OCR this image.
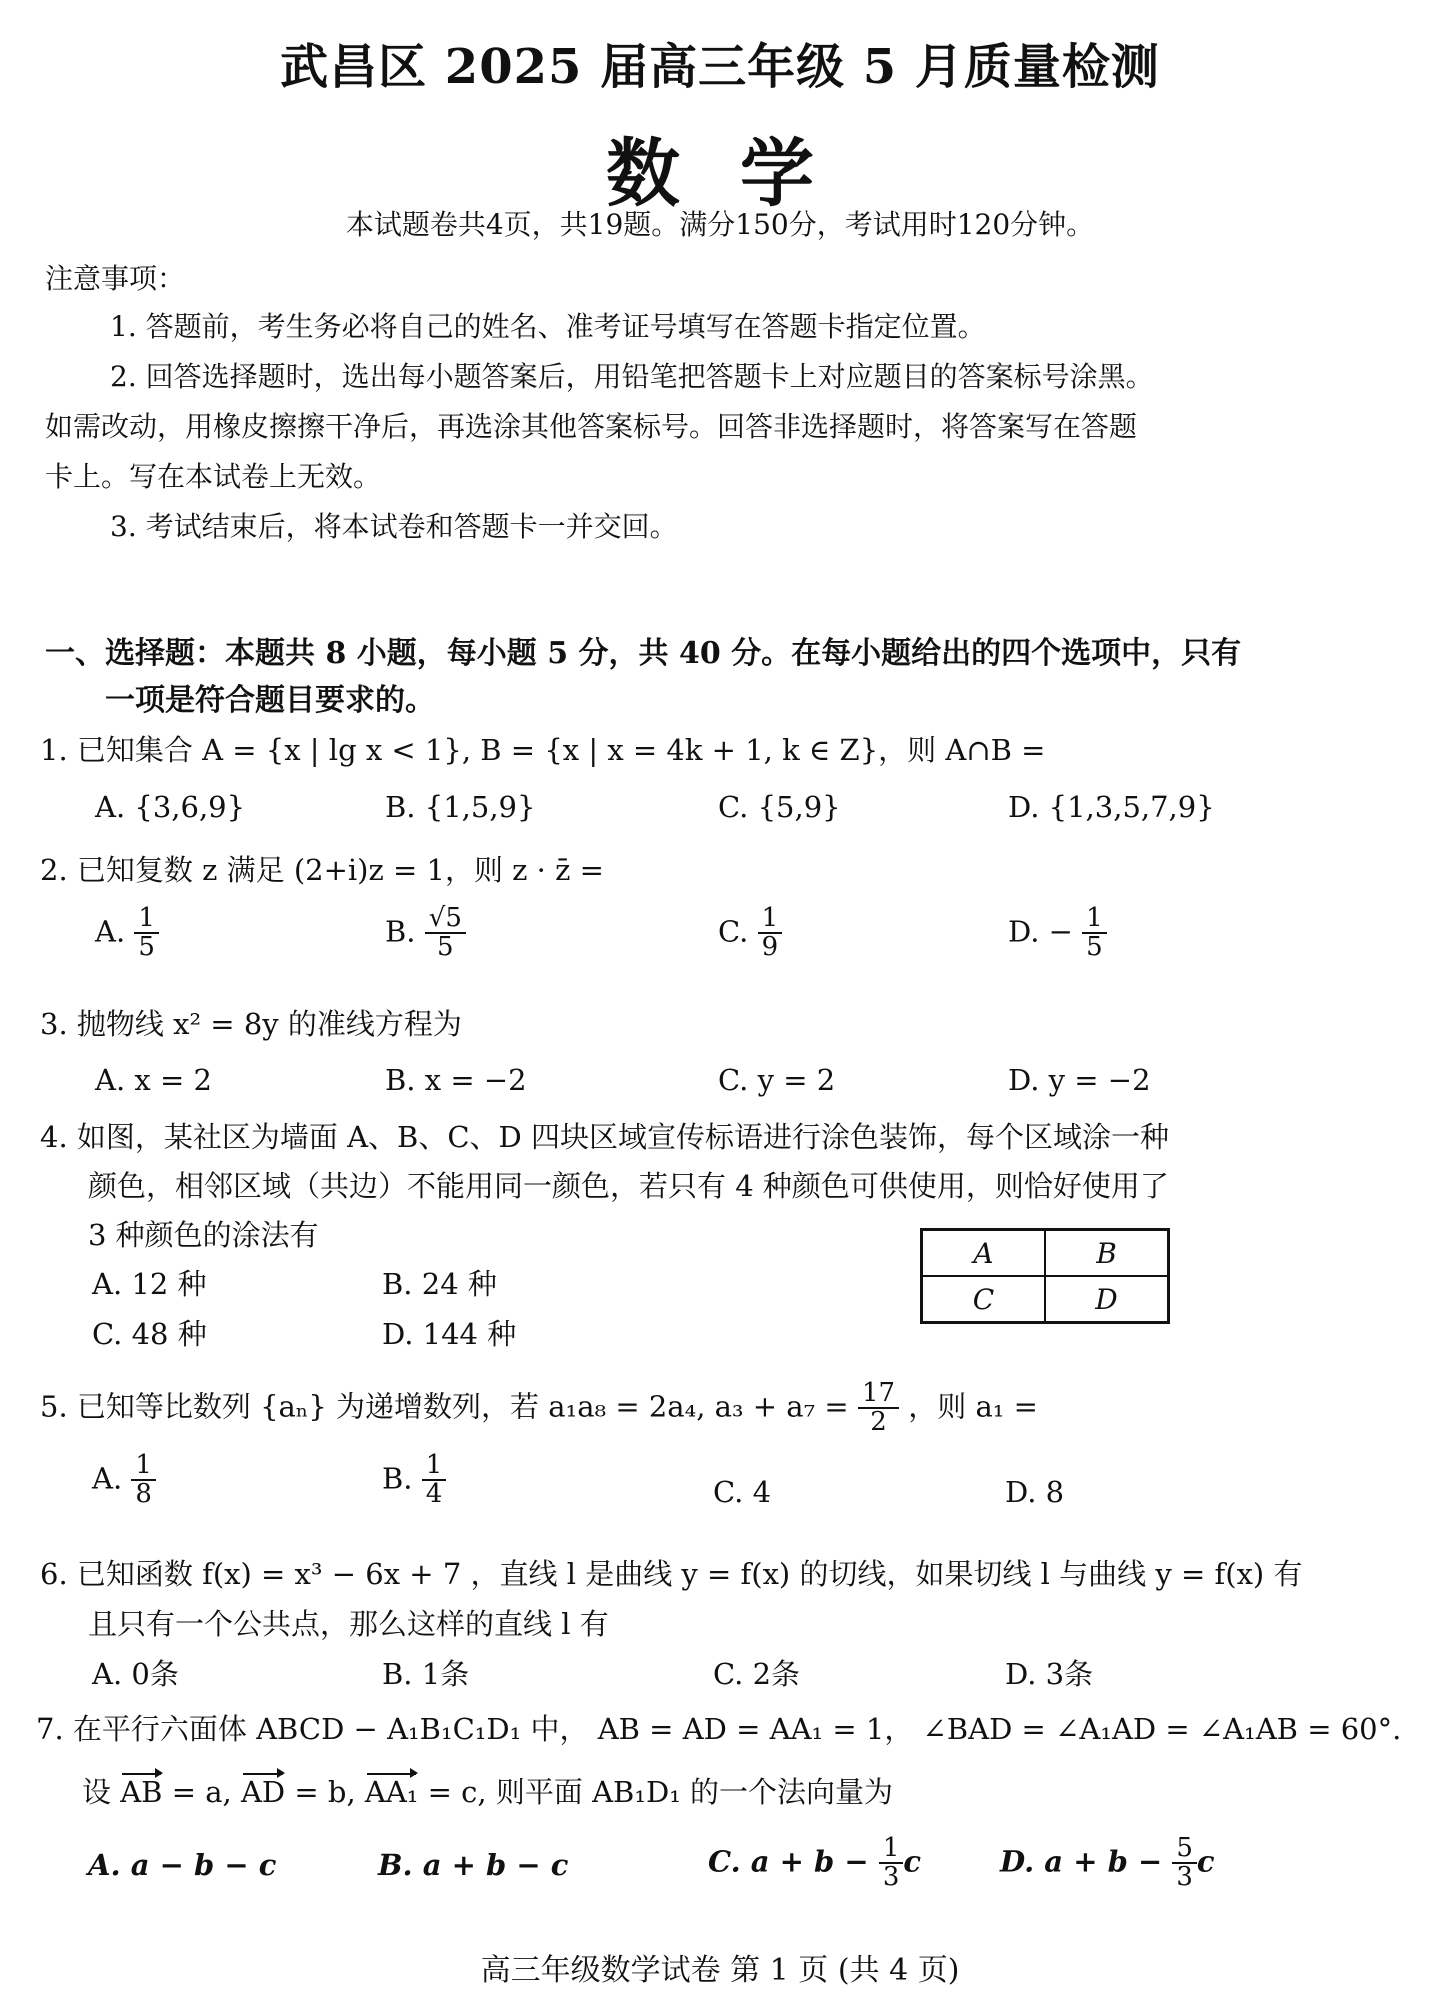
武昌区 2025 届高三年级 5 月质量检测
数学
本试题卷共4页，共19题。满分150分，考试用时120分钟。
注意事项：
1. 答题前，考生务必将自己的姓名、准考证号填写在答题卡指定位置。
2. 回答选择题时，选出每小题答案后，用铅笔把答题卡上对应题目的答案标号涂黑。
如需改动，用橡皮擦擦干净后，再选涂其他答案标号。回答非选择题时，将答案写在答题
卡上。写在本试卷上无效。
3. 考试结束后，将本试卷和答题卡一并交回。
一、选择题：本题共 8 小题，每小题 5 分，共 40 分。在每小题给出的四个选项中，只有
一项是符合题目要求的。
1. 已知集合 A = {x | lg x < 1}, B = {x | x = 4k + 1, k ∈ Z}，则 A∩B =
A. {3,6,9}	B. {1,5,9}	C. {5,9}	D. {1,3,5,7,9}
2. 已知复数 z 满足 (2+i)z = 1，则 z · z̄ =
A. $\frac{1}{5}$	B. $\frac{√5}{5}$	C. $\frac{1}{9}$	D. − $\frac{1}{5}$
3. 抛物线 x² = 8y 的准线方程为
A. x = 2	B. x = −2	C. y = 2	D. y = −2
4. 如图，某社区为墙面 A、B、C、D 四块区域宣传标语进行涂色装饰，每个区域涂一种
颜色，相邻区域（共边）不能用同一颜色，若只有 4 种颜色可供使用，则恰好使用了
3 种颜色的涂法有
A. 12 种	B. 24 种
C. 48 种	D. 144 种
A	B
C	D
5. 已知等比数列 {aₙ} 为递增数列，若 a₁a₈ = 2a₄, $a_3 + a_7 = \frac{17}{2}$ ，则 a₁ =
A. $\frac{1}{8}$	B. $\frac{1}{4}$	C. 4	D. 8
6. 已知函数 f(x) = x³ − 6x + 7 ，直线 l 是曲线 y = f(x) 的切线，如果切线 l 与曲线 y = f(x) 有
且只有一个公共点，那么这样的直线 l 有
A. 0条	B. 1条	C. 2条	D. 3条
7. 在平行六面体 ABCD − A₁B₁C₁D₁ 中， AB = AD = AA₁ = 1， ∠BAD = ∠A₁AD = ∠A₁AB = 60°.
设 AB = a, AD = b, AA₁ = c, 则平面 AB₁D₁ 的一个法向量为
A. a − b − c	B. a + b − c	C. $a + b - \frac{1}{3}$ c	D. $a + b - \frac{5}{3}$ c
高三年级数学试卷 第 1 页 (共 4 页)
